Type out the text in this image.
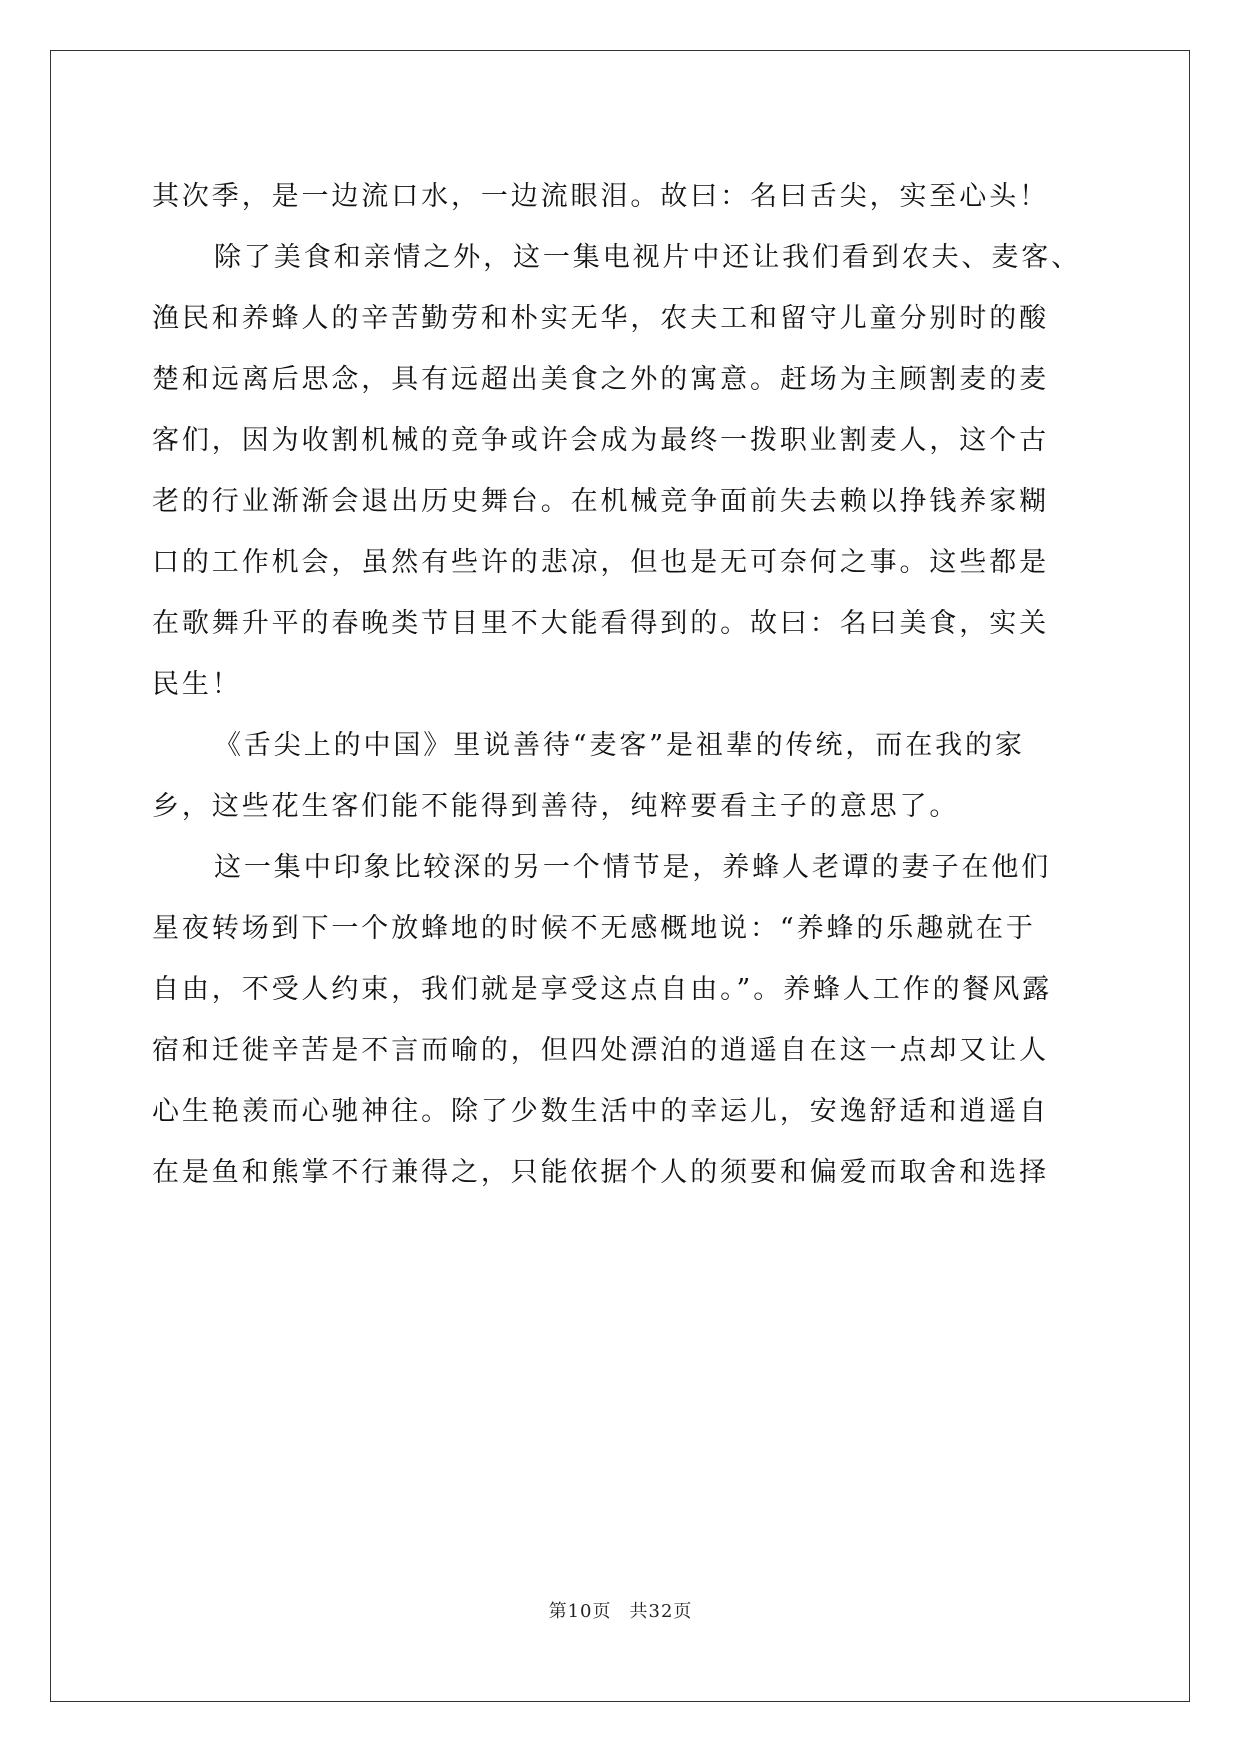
其次季，是一边流口水，一边流眼泪。故曰：名曰舌尖，实至心头！
除了美食和亲情之外，这一集电视片中还让我们看到农夫、麦客、
渔民和养蜂人的辛苦勤劳和朴实无华，农夫工和留守儿童分别时的酸
楚和远离后思念，具有远超出美食之外的寓意。赶场为主顾割麦的麦
客们，因为收割机械的竞争或许会成为最终一拨职业割麦人，这个古
老的行业渐渐会退出历史舞台。在机械竞争面前失去赖以挣钱养家糊
口的工作机会，虽然有些许的悲凉，但也是无可奈何之事。这些都是
在歌舞升平的春晚类节目里不大能看得到的。故曰：名曰美食，实关
民生！
《舌尖上的中国》里说善待“麦客”是祖辈的传统，而在我的家
乡，这些花生客们能不能得到善待，纯粹要看主子的意思了。
这一集中印象比较深的另一个情节是，养蜂人老谭的妻子在他们
星夜转场到下一个放蜂地的时候不无感概地说：“养蜂的乐趣就在于
自由，不受人约束，我们就是享受这点自由。”。养蜂人工作的餐风露
宿和迁徙辛苦是不言而喻的，但四处漂泊的逍遥自在这一点却又让人
心生艳羡而心驰神往。除了少数生活中的幸运儿，安逸舒适和逍遥自
在是鱼和熊掌不行兼得之，只能依据个人的须要和偏爱而取舍和选择
第10页 共32页
